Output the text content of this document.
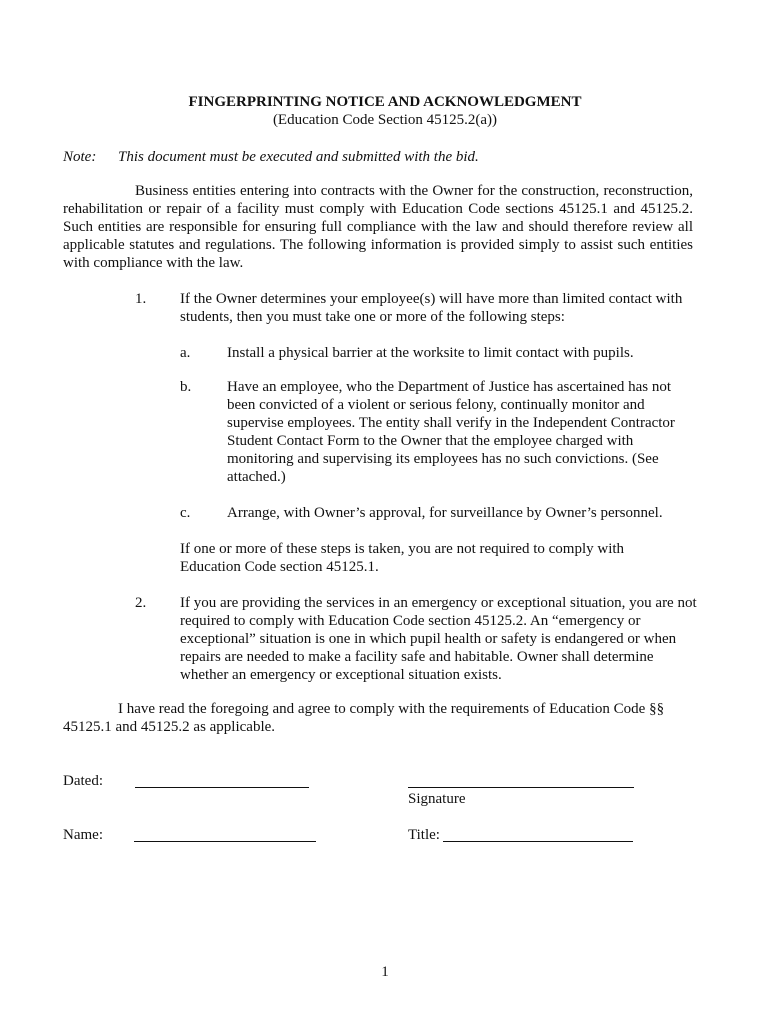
FINGERPRINTING NOTICE AND ACKNOWLEDGMENT
(Education Code Section 45125.2(a))
Note: This document must be executed and submitted with the bid.
Business entities entering into contracts with the Owner for the construction, reconstruction, rehabilitation or repair of a facility must comply with Education Code sections 45125.1 and 45125.2. Such entities are responsible for ensuring full compliance with the law and should therefore review all applicable statutes and regulations. The following information is provided simply to assist such entities with compliance with the law.
1. If the Owner determines your employee(s) will have more than limited contact with students, then you must take one or more of the following steps:
a. Install a physical barrier at the worksite to limit contact with pupils.
b. Have an employee, who the Department of Justice has ascertained has not been convicted of a violent or serious felony, continually monitor and supervise employees. The entity shall verify in the Independent Contractor Student Contact Form to the Owner that the employee charged with monitoring and supervising its employees has no such convictions. (See attached.)
c. Arrange, with Owner’s approval, for surveillance by Owner’s personnel.
If one or more of these steps is taken, you are not required to comply with Education Code section 45125.1.
2. If you are providing the services in an emergency or exceptional situation, you are not required to comply with Education Code section 45125.2. An “emergency or exceptional” situation is one in which pupil health or safety is endangered or when repairs are needed to make a facility safe and habitable. Owner shall determine whether an emergency or exceptional situation exists.
I have read the foregoing and agree to comply with the requirements of Education Code §§ 45125.1 and 45125.2 as applicable.
Dated:
Signature
Name:	Title:
1
